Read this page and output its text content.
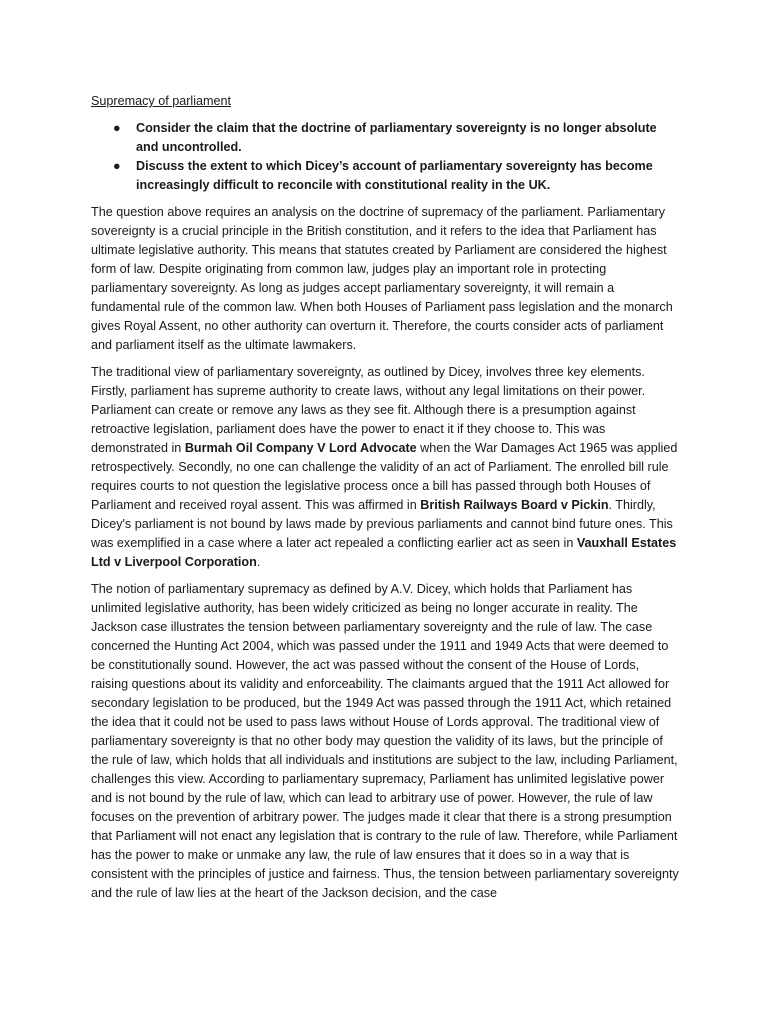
Supremacy of parliament
● Consider the claim that the doctrine of parliamentary sovereignty is no longer absolute and uncontrolled.
● Discuss the extent to which Dicey’s account of parliamentary sovereignty has become increasingly difficult to reconcile with constitutional reality in the UK.

The question above requires an analysis on the doctrine of supremacy of the parliament. Parliamentary sovereignty is a crucial principle in the British constitution, and it refers to the idea that Parliament has ultimate legislative authority. This means that statutes created by Parliament are considered the highest form of law. Despite originating from common law, judges play an important role in protecting parliamentary sovereignty. As long as judges accept parliamentary sovereignty, it will remain a fundamental rule of the common law. When both Houses of Parliament pass legislation and the monarch gives Royal Assent, no other authority can overturn it. Therefore, the courts consider acts of parliament and parliament itself as the ultimate lawmakers.

The traditional view of parliamentary sovereignty, as outlined by Dicey, involves three key elements. Firstly, parliament has supreme authority to create laws, without any legal limitations on their power. Parliament can create or remove any laws as they see fit. Although there is a presumption against retroactive legislation, parliament does have the power to enact it if they choose to. This was demonstrated in Burmah Oil Company V Lord Advocate when the War Damages Act 1965 was applied retrospectively. Secondly, no one can challenge the validity of an act of Parliament. The enrolled bill rule requires courts to not question the legislative process once a bill has passed through both Houses of Parliament and received royal assent. This was affirmed in British Railways Board v Pickin. Thirdly, Dicey's parliament is not bound by laws made by previous parliaments and cannot bind future ones. This was exemplified in a case where a later act repealed a conflicting earlier act as seen in Vauxhall Estates Ltd v Liverpool Corporation.

The notion of parliamentary supremacy as defined by A.V. Dicey, which holds that Parliament has unlimited legislative authority, has been widely criticized as being no longer accurate in reality. The Jackson case illustrates the tension between parliamentary sovereignty and the rule of law. The case concerned the Hunting Act 2004, which was passed under the 1911 and 1949 Acts that were deemed to be constitutionally sound. However, the act was passed without the consent of the House of Lords, raising questions about its validity and enforceability. The claimants argued that the 1911 Act allowed for secondary legislation to be produced, but the 1949 Act was passed through the 1911 Act, which retained the idea that it could not be used to pass laws without House of Lords approval. The traditional view of parliamentary sovereignty is that no other body may question the validity of its laws, but the principle of the rule of law, which holds that all individuals and institutions are subject to the law, including Parliament, challenges this view. According to parliamentary supremacy, Parliament has unlimited legislative power and is not bound by the rule of law, which can lead to arbitrary use of power. However, the rule of law focuses on the prevention of arbitrary power. The judges made it clear that there is a strong presumption that Parliament will not enact any legislation that is contrary to the rule of law. Therefore, while Parliament has the power to make or unmake any law, the rule of law ensures that it does so in a way that is consistent with the principles of justice and fairness. Thus, the tension between parliamentary sovereignty and the rule of law lies at the heart of the Jackson decision, and the case
